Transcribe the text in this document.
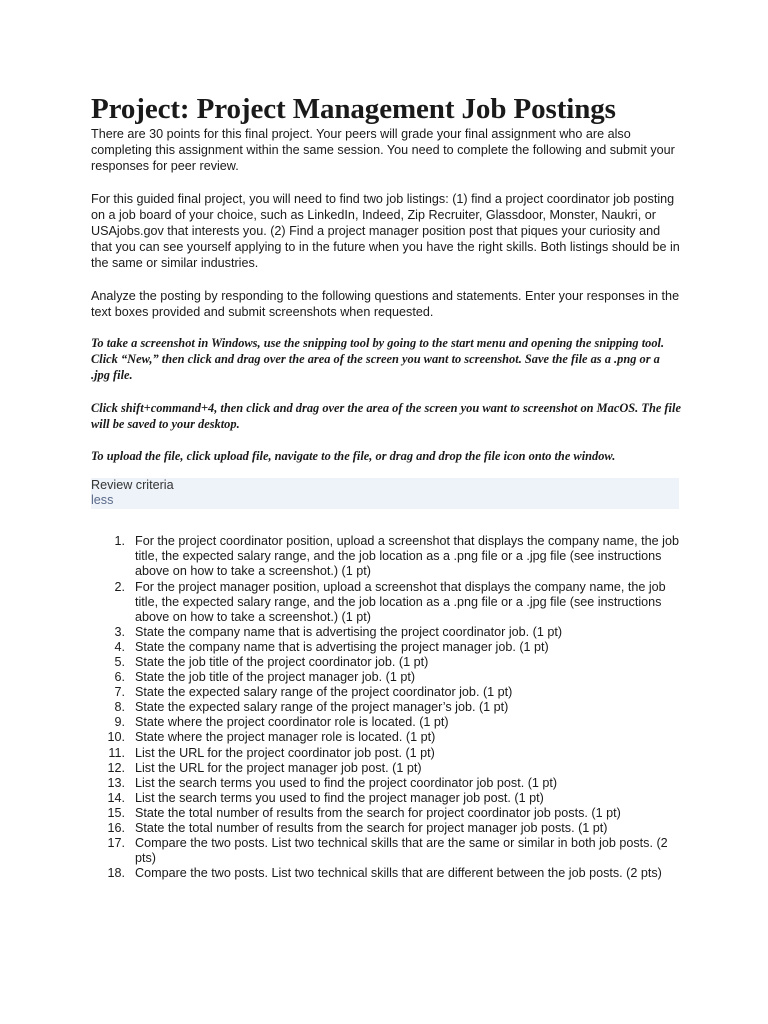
Project: Project Management Job Postings

There are 30 points for this final project. Your peers will grade your final assignment who are also completing this assignment within the same session. You need to complete the following and submit your responses for peer review.

For this guided final project, you will need to find two job listings: (1) find a project coordinator job posting on a job board of your choice, such as LinkedIn, Indeed, Zip Recruiter, Glassdoor, Monster, Naukri, or USAjobs.gov that interests you. (2) Find a project manager position post that piques your curiosity and that you can see yourself applying to in the future when you have the right skills. Both listings should be in the same or similar industries.

Analyze the posting by responding to the following questions and statements. Enter your responses in the text boxes provided and submit screenshots when requested.

To take a screenshot in Windows, use the snipping tool by going to the start menu and opening the snipping tool. Click “New,” then click and drag over the area of the screen you want to screenshot. Save the file as a .png or a .jpg file.

Click shift+command+4, then click and drag over the area of the screen you want to screenshot on MacOS. The file will be saved to your desktop.

To upload the file, click upload file, navigate to the file, or drag and drop the file icon onto the window.

Review criteria
less
1. For the project coordinator position, upload a screenshot that displays the company name, the job title, the expected salary range, and the job location as a .png file or a .jpg file (see instructions above on how to take a screenshot.) (1 pt)
2. For the project manager position, upload a screenshot that displays the company name, the job title, the expected salary range, and the job location as a .png file or a .jpg file (see instructions above on how to take a screenshot.) (1 pt)
3. State the company name that is advertising the project coordinator job. (1 pt)
4. State the company name that is advertising the project manager job. (1 pt)
5. State the job title of the project coordinator job. (1 pt)
6. State the job title of the project manager job. (1 pt)
7. State the expected salary range of the project coordinator job. (1 pt)
8. State the expected salary range of the project manager’s job. (1 pt)
9. State where the project coordinator role is located. (1 pt)
10. State where the project manager role is located. (1 pt)
11. List the URL for the project coordinator job post. (1 pt)
12. List the URL for the project manager job post. (1 pt)
13. List the search terms you used to find the project coordinator job post. (1 pt)
14. List the search terms you used to find the project manager job post. (1 pt)
15. State the total number of results from the search for project coordinator job posts. (1 pt)
16. State the total number of results from the search for project manager job posts. (1 pt)
17. Compare the two posts. List two technical skills that are the same or similar in both job posts. (2 pts)
18. Compare the two posts. List two technical skills that are different between the job posts. (2 pts)
